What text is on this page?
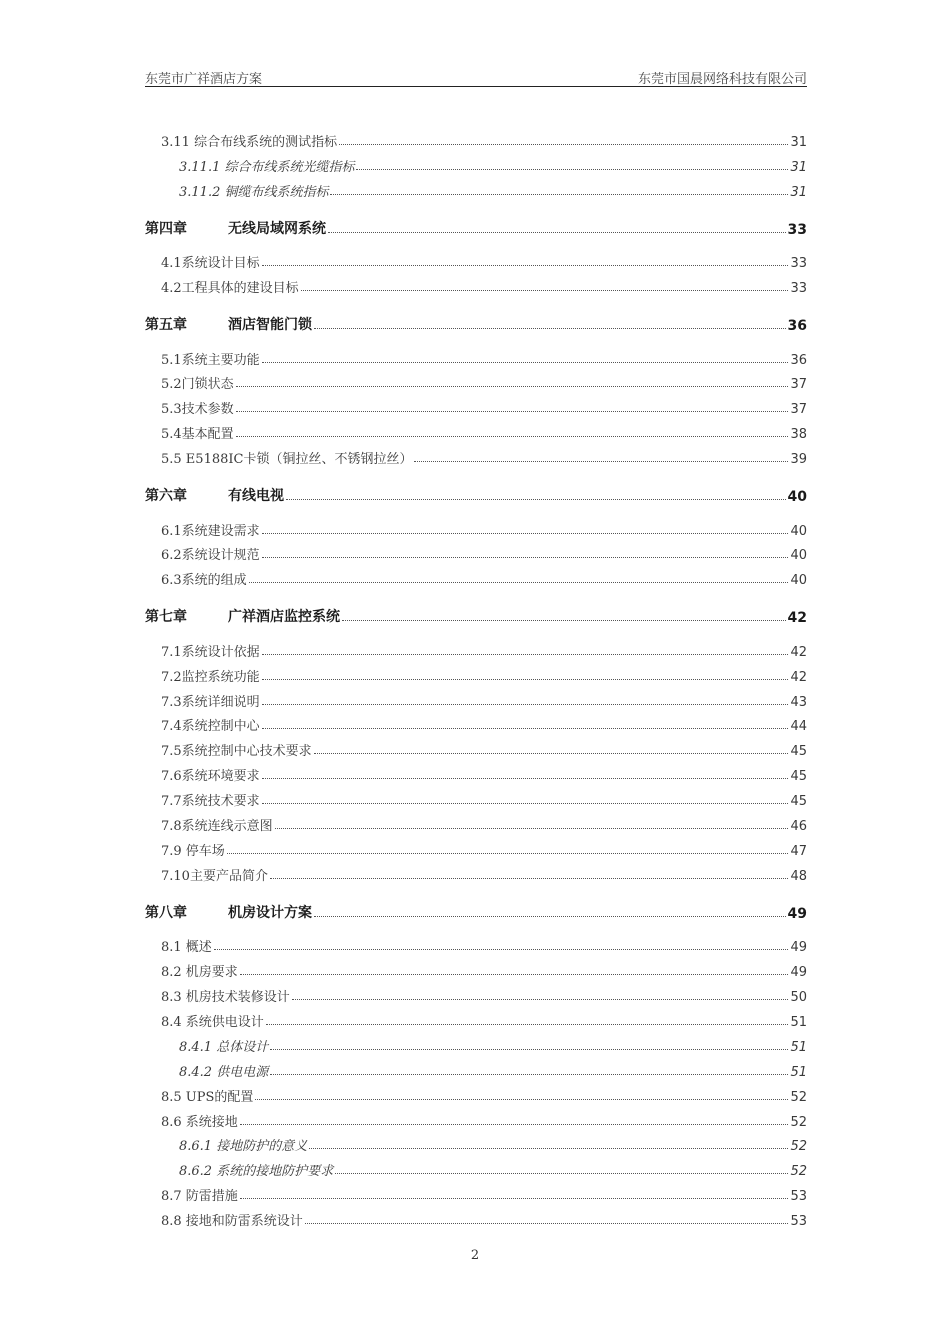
东莞市广祥酒店方案	东莞市国晨网络科技有限公司
3.11 综合布线系统的测试指标	31
3.11.1 综合布线系统光缆指标	31
3.11.2 铜缆布线系统指标	31
第四章	无线局域网系统	33
4.1系统设计目标	33
4.2工程具体的建设目标	33
第五章	酒店智能门锁	36
5.1系统主要功能	36
5.2门锁状态	37
5.3技术参数	37
5.4基本配置	38
5.5 E5188IC卡锁（铜拉丝、不锈钢拉丝）	39
第六章	有线电视	40
6.1系统建设需求	40
6.2系统设计规范	40
6.3系统的组成	40
第七章	广祥酒店监控系统	42
7.1系统设计依据	42
7.2监控系统功能	42
7.3系统详细说明	43
7.4系统控制中心	44
7.5系统控制中心技术要求	45
7.6系统环境要求	45
7.7系统技术要求	45
7.8系统连线示意图	46
7.9 停车场	47
7.10主要产品简介	48
第八章	机房设计方案	49
8.1 概述	49
8.2 机房要求	49
8.3 机房技术装修设计	50
8.4 系统供电设计	51
8.4.1 总体设计	51
8.4.2 供电电源	51
8.5 UPS的配置	52
8.6 系统接地	52
8.6.1 接地防护的意义	52
8.6.2 系统的接地防护要求	52
8.7 防雷措施	53
8.8 接地和防雷系统设计	53
2
